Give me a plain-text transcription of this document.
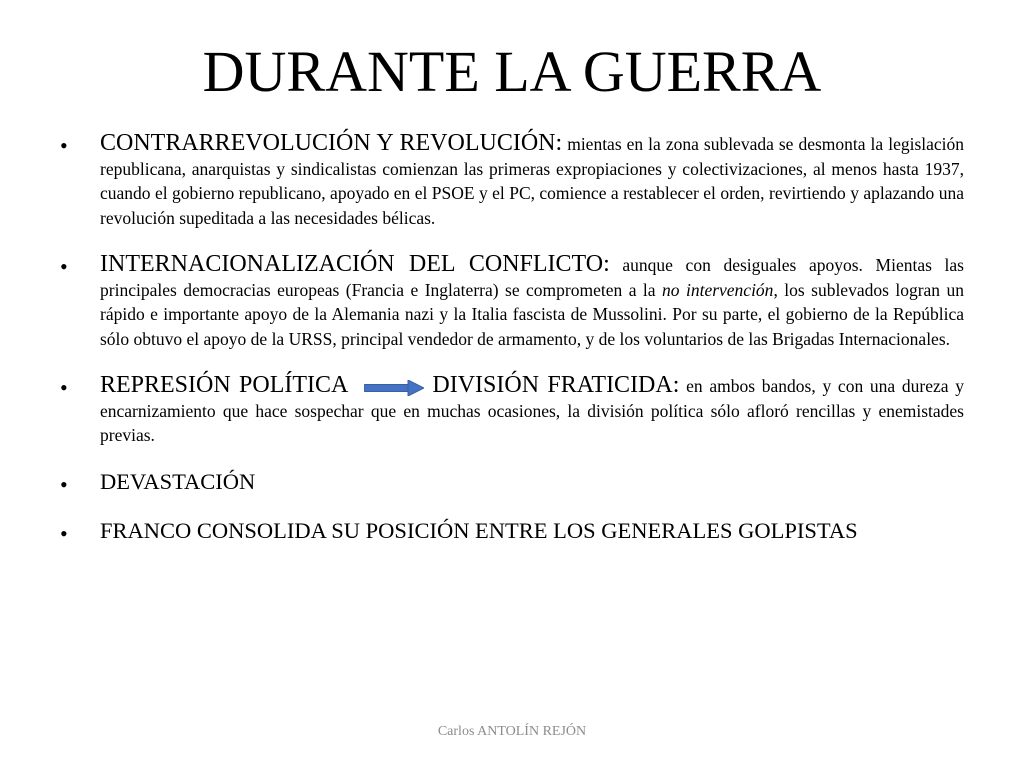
DURANTE LA GUERRA
• CONTRARREVOLUCIÓN Y REVOLUCIÓN: mientas en la zona sublevada se desmonta la legislación republicana, anarquistas y sindicalistas comienzan las primeras expropiaciones y colectivizaciones, al menos hasta 1937, cuando el gobierno republicano, apoyado en el PSOE y el PC, comience a restablecer el orden, revirtiendo y aplazando una revolución supeditada a las necesidades bélicas.
• INTERNACIONALIZACIÓN DEL CONFLICTO: aunque con desiguales apoyos. Mientas las principales democracias europeas (Francia e Inglaterra) se comprometen a la no intervención, los sublevados logran un rápido e importante apoyo de la Alemania nazi y la Italia fascista de Mussolini. Por su parte, el gobierno de la República sólo obtuvo el apoyo de la URSS, principal vendedor de armamento, y de los voluntarios de las Brigadas Internacionales.
• REPRESIÓN POLÍTICA	DIVISIÓN FRATICIDA: en ambos bandos, y con una dureza y encarnizamiento que hace sospechar que en muchas ocasiones, la división política sólo afloró rencillas y enemistades previas.
• DEVASTACIÓN
• FRANCO CONSOLIDA SU POSICIÓN ENTRE LOS GENERALES GOLPISTAS
Carlos ANTOLÍN REJÓN
